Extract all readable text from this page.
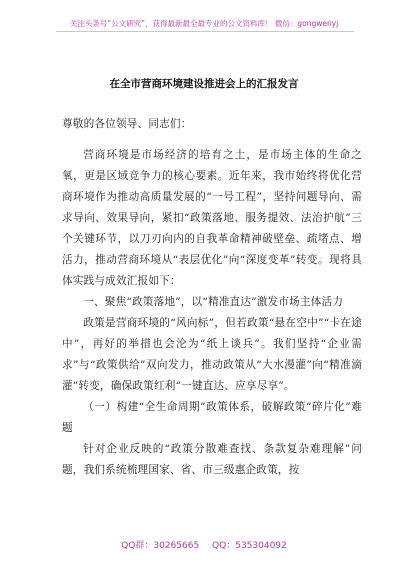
关注头条号“公文研究”，获得最新最全最专业的公文资料库！ 微信：gongwenyj
在全市营商环境建设推进会上的汇报发言

尊敬的各位领导、同志们：

营商环境是市场经济的培育之土，是市场主体的生命之氧，更是区域竞争力的核心要素。近年来，我市始终将优化营商环境作为推动高质量发展的“一号工程”，坚持问题导向、需求导向、效果导向，紧扣“政策落地、服务提效、法治护航”三个关键环节，以刀刃向内的自我革命精神破壁垒、疏堵点、增活力，推动营商环境从“表层优化”向“深度变革”转变。现将具体实践与成效汇报如下：

一、聚焦“政策落地”，以“精准直达”激发市场主体活力

政策是营商环境的“风向标”，但若政策“悬在空中”“卡在途中”，再好的举措也会沦为“纸上谈兵”。我们坚持“企业需求”与“政策供给”双向发力，推动政策从“大水漫灌”向“精准滴灌”转变，确保政策红利“一键直达、应享尽享”。

（一）构建“全生命周期”政策体系，破解政策“碎片化”难题

针对企业反映的“政策分散难查找、条款复杂难理解”问题，我们系统梳理国家、省、市三级惠企政策，按

QQ群：30265665 QQ：535304092
